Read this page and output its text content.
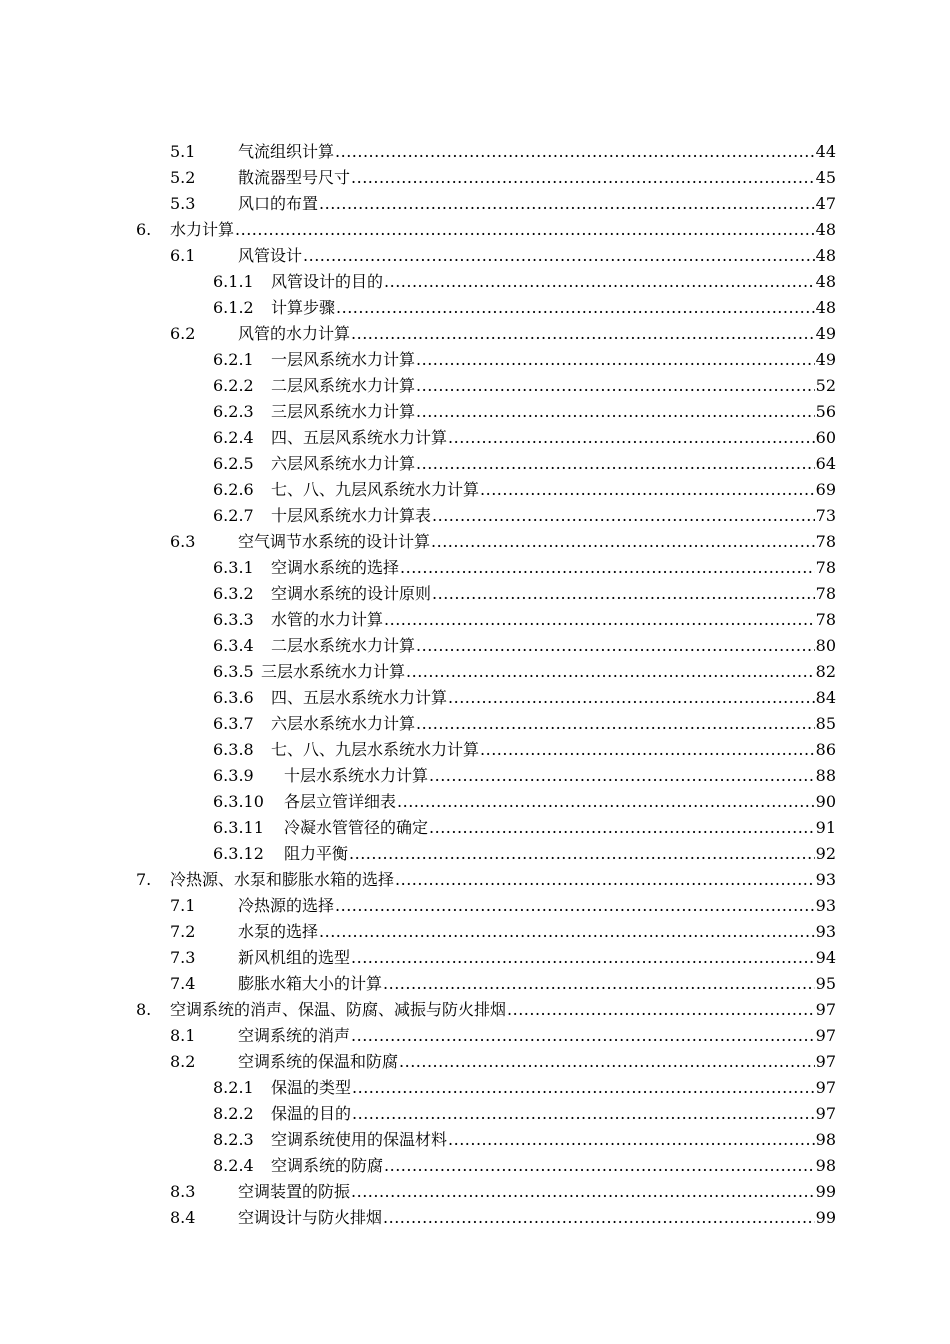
5.1	气流组织计算 .....	44
5.2	散流器型号尺寸 .....	45
5.3	风口的布置 .....	47
6. 水力计算 .....	48
6.1	风管设计 .....	48
6.1.1 风管设计的目的 .....	48
6.1.2 计算步骤 .....	48
6.2	风管的水力计算 .....	49
6.2.1 一层风系统水力计算 .....	49
6.2.2 二层风系统水力计算 .....	52
6.2.3 三层风系统水力计算 .....	56
6.2.4 四、五层风系统水力计算 .....	60
6.2.5 六层风系统水力计算 .....	64
6.2.6 七、八、九层风系统水力计算 .....	69
6.2.7 十层风系统水力计算表 .....	73
6.3	空气调节水系统的设计计算 .....	78
6.3.1 空调水系统的选择 .....	78
6.3.2 空调水系统的设计原则 .....	78
6.3.3 水管的水力计算 .....	78
6.3.4 二层水系统水力计算 .....	80
6.3.5 三层水系统水力计算 .....	82
6.3.6 四、五层水系统水力计算 .....	84
6.3.7 六层水系统水力计算 .....	85
6.3.8 七、八、九层水系统水力计算 .....	86
6.3.9 十层水系统水力计算 .....	88
6.3.10 各层立管详细表 .....	90
6.3.11 冷凝水管管径的确定 .....	91
6.3.12 阻力平衡 .....	92
7. 冷热源、水泵和膨胀水箱的选择 .....	93
7.1	冷热源的选择 .....	93
7.2	水泵的选择 .....	93
7.3	新风机组的选型 .....	94
7.4	膨胀水箱大小的计算 .....	95
8. 空调系统的消声、保温、防腐、减振与防火排烟 .....	97
8.1	空调系统的消声 .....	97
8.2	空调系统的保温和防腐 .....	97
8.2.1 保温的类型 .....	97
8.2.2 保温的目的 .....	97
8.2.3 空调系统使用的保温材料 .....	98
8.2.4 空调系统的防腐 .....	98
8.3	空调装置的防振 .....	99
8.4	空调设计与防火排烟 .....	99
